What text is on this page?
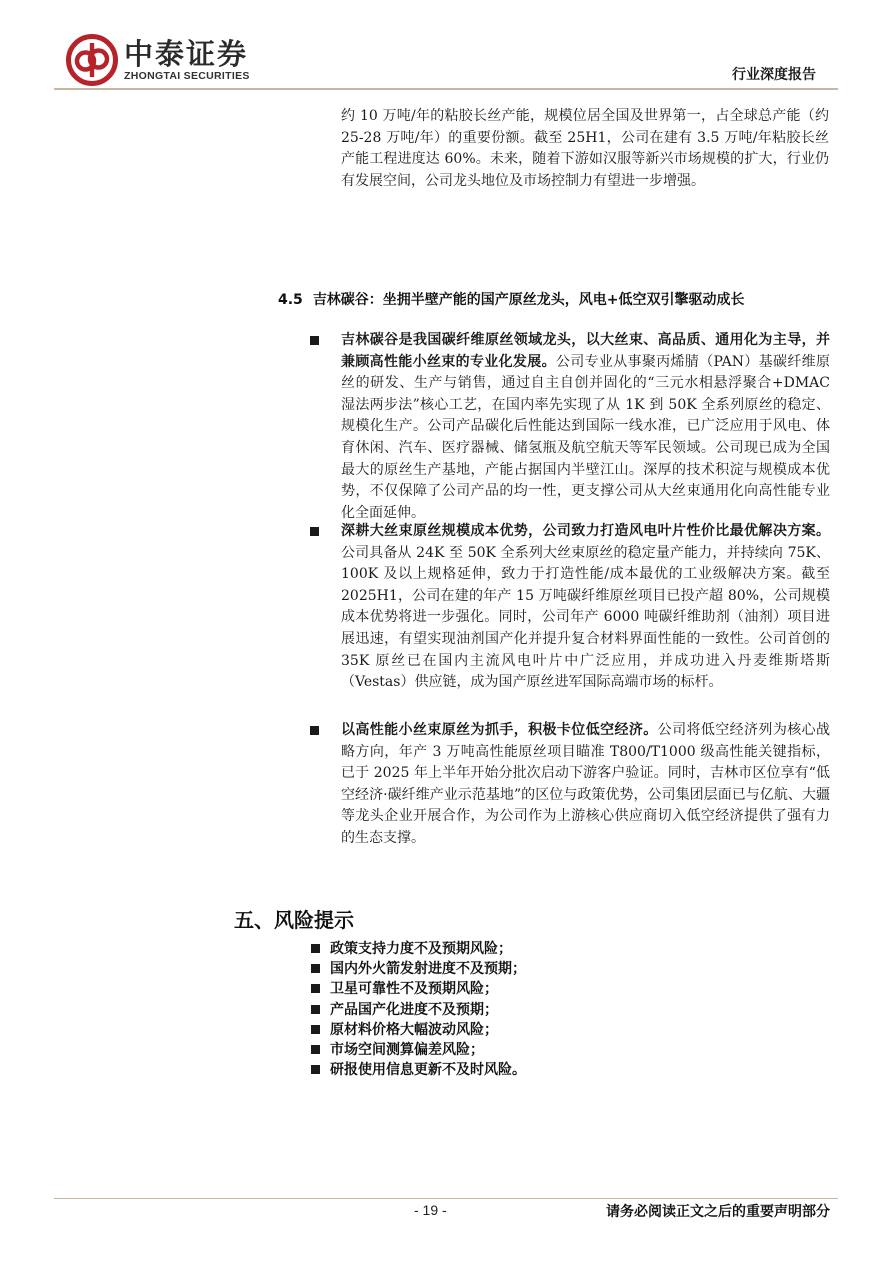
中泰证券
ZHONGTAI SECURITIES	行业深度报告
约 10 万吨/年的粘胶长丝产能，规模位居全国及世界第一，占全球总产能（约 25-28 万吨/年）的重要份额。截至 25H1，公司在建有 3.5 万吨/年粘胶长丝产能工程进度达 60%。未来，随着下游如汉服等新兴市场规模的扩大，行业仍有发展空间，公司龙头地位及市场控制力有望进一步增强。
4.5 吉林碳谷：坐拥半壁产能的国产原丝龙头，风电+低空双引擎驱动成长
吉林碳谷是我国碳纤维原丝领域龙头，以大丝束、高品质、通用化为主导，并兼顾高性能小丝束的专业化发展。公司专业从事聚丙烯腈（PAN）基碳纤维原丝的研发、生产与销售，通过自主自创并固化的“三元水相悬浮聚合+DMAC 湿法两步法”核心工艺，在国内率先实现了从 1K 到 50K 全系列原丝的稳定、规模化生产。公司产品碳化后性能达到国际一线水准，已广泛应用于风电、体育休闲、汽车、医疗器械、储氢瓶及航空航天等军民领域。公司现已成为全国最大的原丝生产基地，产能占据国内半壁江山。深厚的技术积淀与规模成本优势，不仅保障了公司产品的均一性，更支撑公司从大丝束通用化向高性能专业化全面延伸。
深耕大丝束原丝规模成本优势，公司致力打造风电叶片性价比最优解决方案。公司具备从 24K 至 50K 全系列大丝束原丝的稳定量产能力，并持续向 75K、100K 及以上规格延伸，致力于打造性能/成本最优的工业级解决方案。截至 2025H1，公司在建的年产 15 万吨碳纤维原丝项目已投产超 80%，公司规模成本优势将进一步强化。同时，公司年产 6000 吨碳纤维助剂（油剂）项目进展迅速，有望实现油剂国产化并提升复合材料界面性能的一致性。公司首创的 35K 原丝已在国内主流风电叶片中广泛应用，并成功进入丹麦维斯塔斯（Vestas）供应链，成为国产原丝进军国际高端市场的标杆。
以高性能小丝束原丝为抓手，积极卡位低空经济。公司将低空经济列为核心战略方向，年产 3 万吨高性能原丝项目瞄准 T800/T1000 级高性能关键指标，已于 2025 年上半年开始分批次启动下游客户验证。同时，吉林市区位享有“低空经济·碳纤维产业示范基地”的区位与政策优势，公司集团层面已与亿航、大疆等龙头企业开展合作，为公司作为上游核心供应商切入低空经济提供了强有力的生态支撑。
五、风险提示
政策支持力度不及预期风险；
国内外火箭发射进度不及预期；
卫星可靠性不及预期风险；
产品国产化进度不及预期；
原材料价格大幅波动风险；
市场空间测算偏差风险；
研报使用信息更新不及时风险。
- 19 -	请务必阅读正文之后的重要声明部分
